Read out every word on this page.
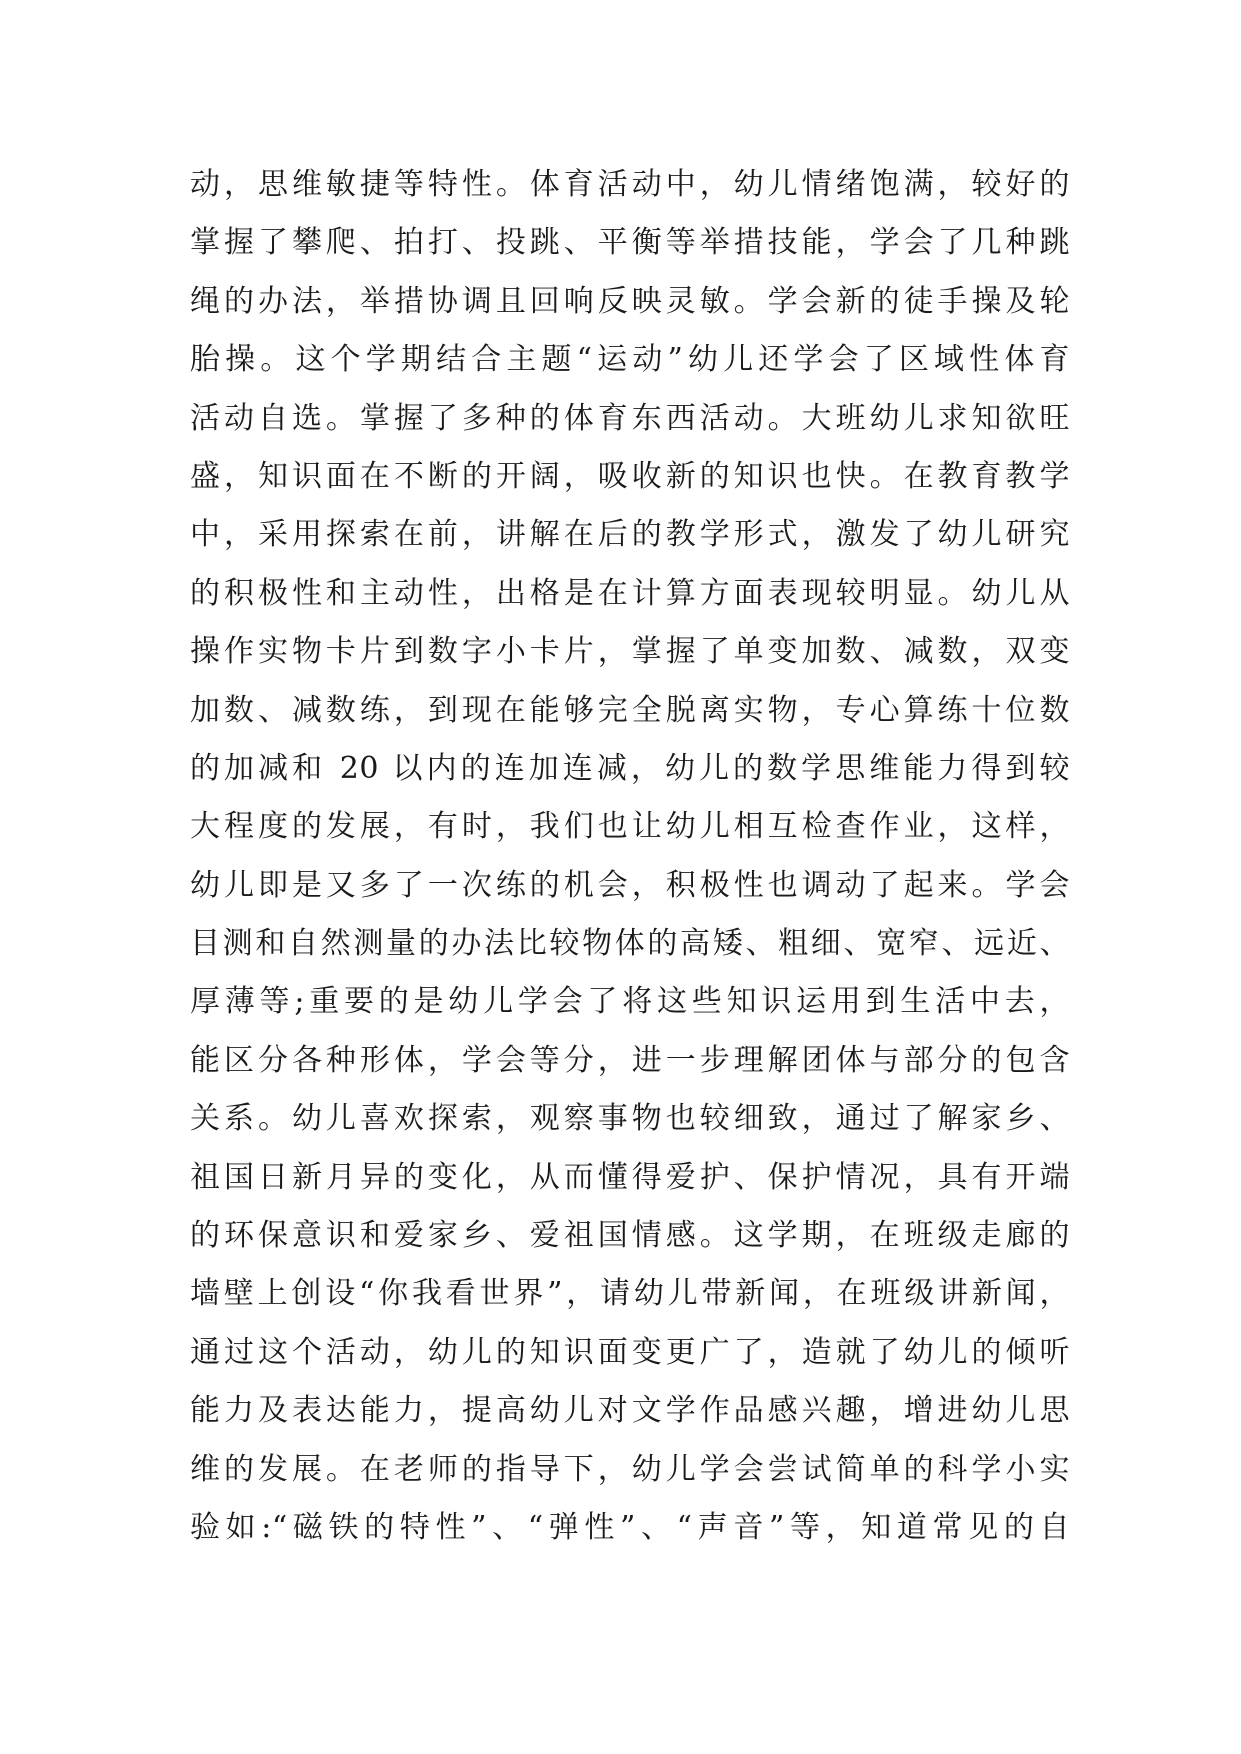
动，思维敏捷等特性。体育活动中，幼儿情绪饱满，较好的
掌握了攀爬、拍打、投跳、平衡等举措技能，学会了几种跳
绳的办法，举措协调且回响反映灵敏。学会新的徒手操及轮
胎操。这个学期结合主题“运动”幼儿还学会了区域性体育
活动自选。掌握了多种的体育东西活动。大班幼儿求知欲旺
盛，知识面在不断的开阔，吸收新的知识也快。在教育教学
中，采用探索在前，讲解在后的教学形式，激发了幼儿研究
的积极性和主动性，出格是在计算方面表现较明显。幼儿从
操作实物卡片到数字小卡片，掌握了单变加数、减数，双变
加数、减数练，到现在能够完全脱离实物，专心算练十位数
的加减和 20 以内的连加连减，幼儿的数学思维能力得到较
大程度的发展，有时，我们也让幼儿相互检查作业，这样，
幼儿即是又多了一次练的机会，积极性也调动了起来。学会
目测和自然测量的办法比较物体的高矮、粗细、宽窄、远近、
厚薄等;重要的是幼儿学会了将这些知识运用到生活中去，
能区分各种形体，学会等分，进一步理解团体与部分的包含
关系。幼儿喜欢探索，观察事物也较细致，通过了解家乡、
祖国日新月异的变化，从而懂得爱护、保护情况，具有开端
的环保意识和爱家乡、爱祖国情感。这学期，在班级走廊的
墙壁上创设“你我看世界”，请幼儿带新闻，在班级讲新闻，
通过这个活动，幼儿的知识面变更广了，造就了幼儿的倾听
能力及表达能力，提高幼儿对文学作品感兴趣，增进幼儿思
维的发展。在老师的指导下，幼儿学会尝试简单的科学小实
验如:“磁铁的特性”、“弹性”、“声音”等，知道常见的自
